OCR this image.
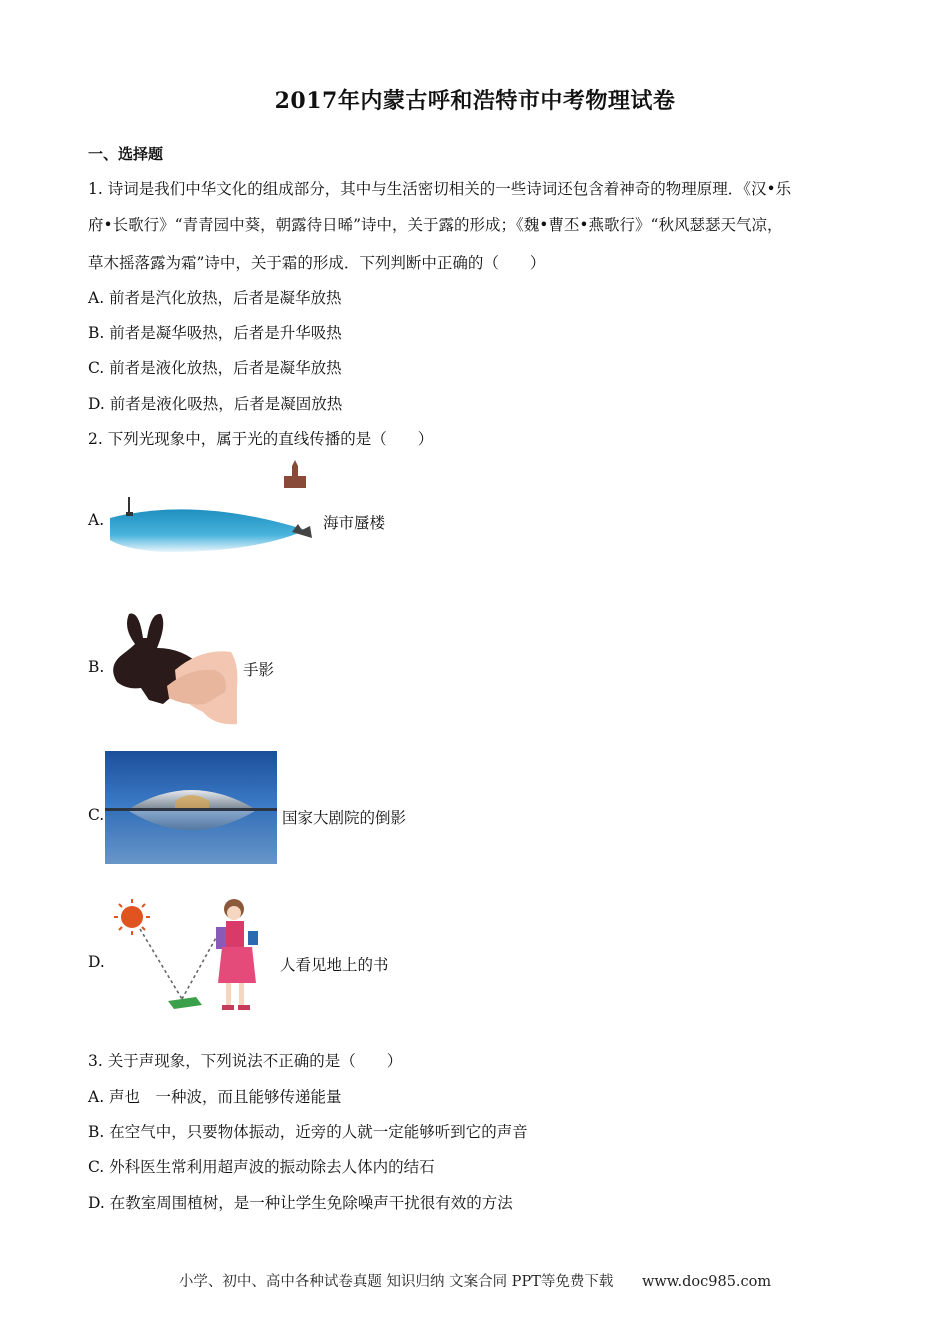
2017年内蒙古呼和浩特市中考物理试卷
一、选择题
1. 诗词是我们中华文化的组成部分，其中与生活密切相关的一些诗词还包含着神奇的物理原理．《汉•乐
府•长歌行》“青青园中葵，朝露待日晞”诗中，关于露的形成；《魏•曹丕•燕歌行》“秋风瑟瑟天气凉，
草木摇落露为霜”诗中，关于霜的形成．下列判断中正确的（　　）
A. 前者是汽化放热，后者是凝华放热
B. 前者是凝华吸热，后者是升华吸热
C. 前者是液化放热，后者是凝华放热
D. 前者是液化吸热，后者是凝固放热
2. 下列光现象中，属于光的直线传播的是（　　）
A.	海市蜃楼
B.	手影
C.	国家大剧院的倒影
D.	人看见地上的书
3. 关于声现象，下列说法不正确的是（　　）
A. 声也　一种波，而且能够传递能量
B. 在空气中，只要物体振动，近旁的人就一定能够听到它的声音
C. 外科医生常利用超声波的振动除去人体内的结石
D. 在教室周围植树，是一种让学生免除噪声干扰很有效的方法
小学、初中、高中各种试卷真题 知识归纳 文案合同 PPT等免费下载 www.doc985.com
